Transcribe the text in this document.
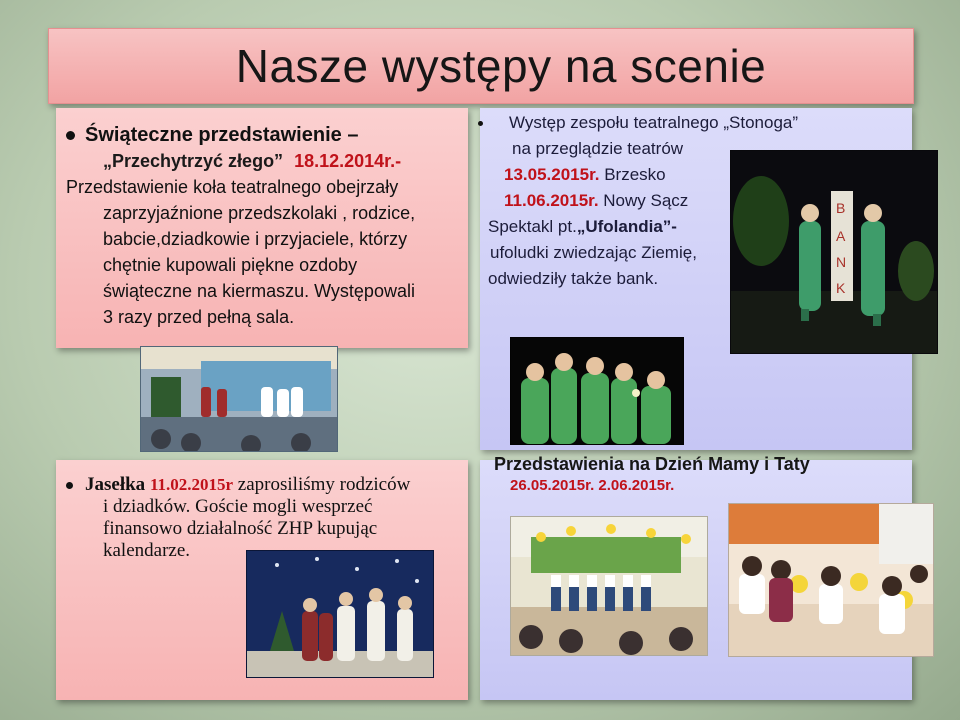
Nasze występy na scenie
Świąteczne przedstawienie –
„Przechytrzyć złego” 18.12.2014r.-
Przedstawienie koła teatralnego obejrzały
zaprzyjaźnione przedszkolaki , rodzice,
babcie,dziadkowie i przyjaciele, którzy
chętnie kupowali piękne ozdoby
świąteczne na kiermaszu. Występowali
3 razy przed pełną sala.
Występ zespołu teatralnego „Stonoga”
na przeglądzie teatrów
13.05.2015r. Brzesko
11.06.2015r. Nowy Sącz
Spektakl pt.„Ufolandia”-
ufoludki zwiedzając Ziemię,
odwiedziły także bank.
B
A
N
K
Jasełka 11.02.2015r zaprosiliśmy rodziców
i dziadków. Goście mogli wesprzeć
finansowo działalność ZHP kupując
kalendarze.
Przedstawienia na Dzień Mamy i Taty
26.05.2015r. 2.06.2015r.
